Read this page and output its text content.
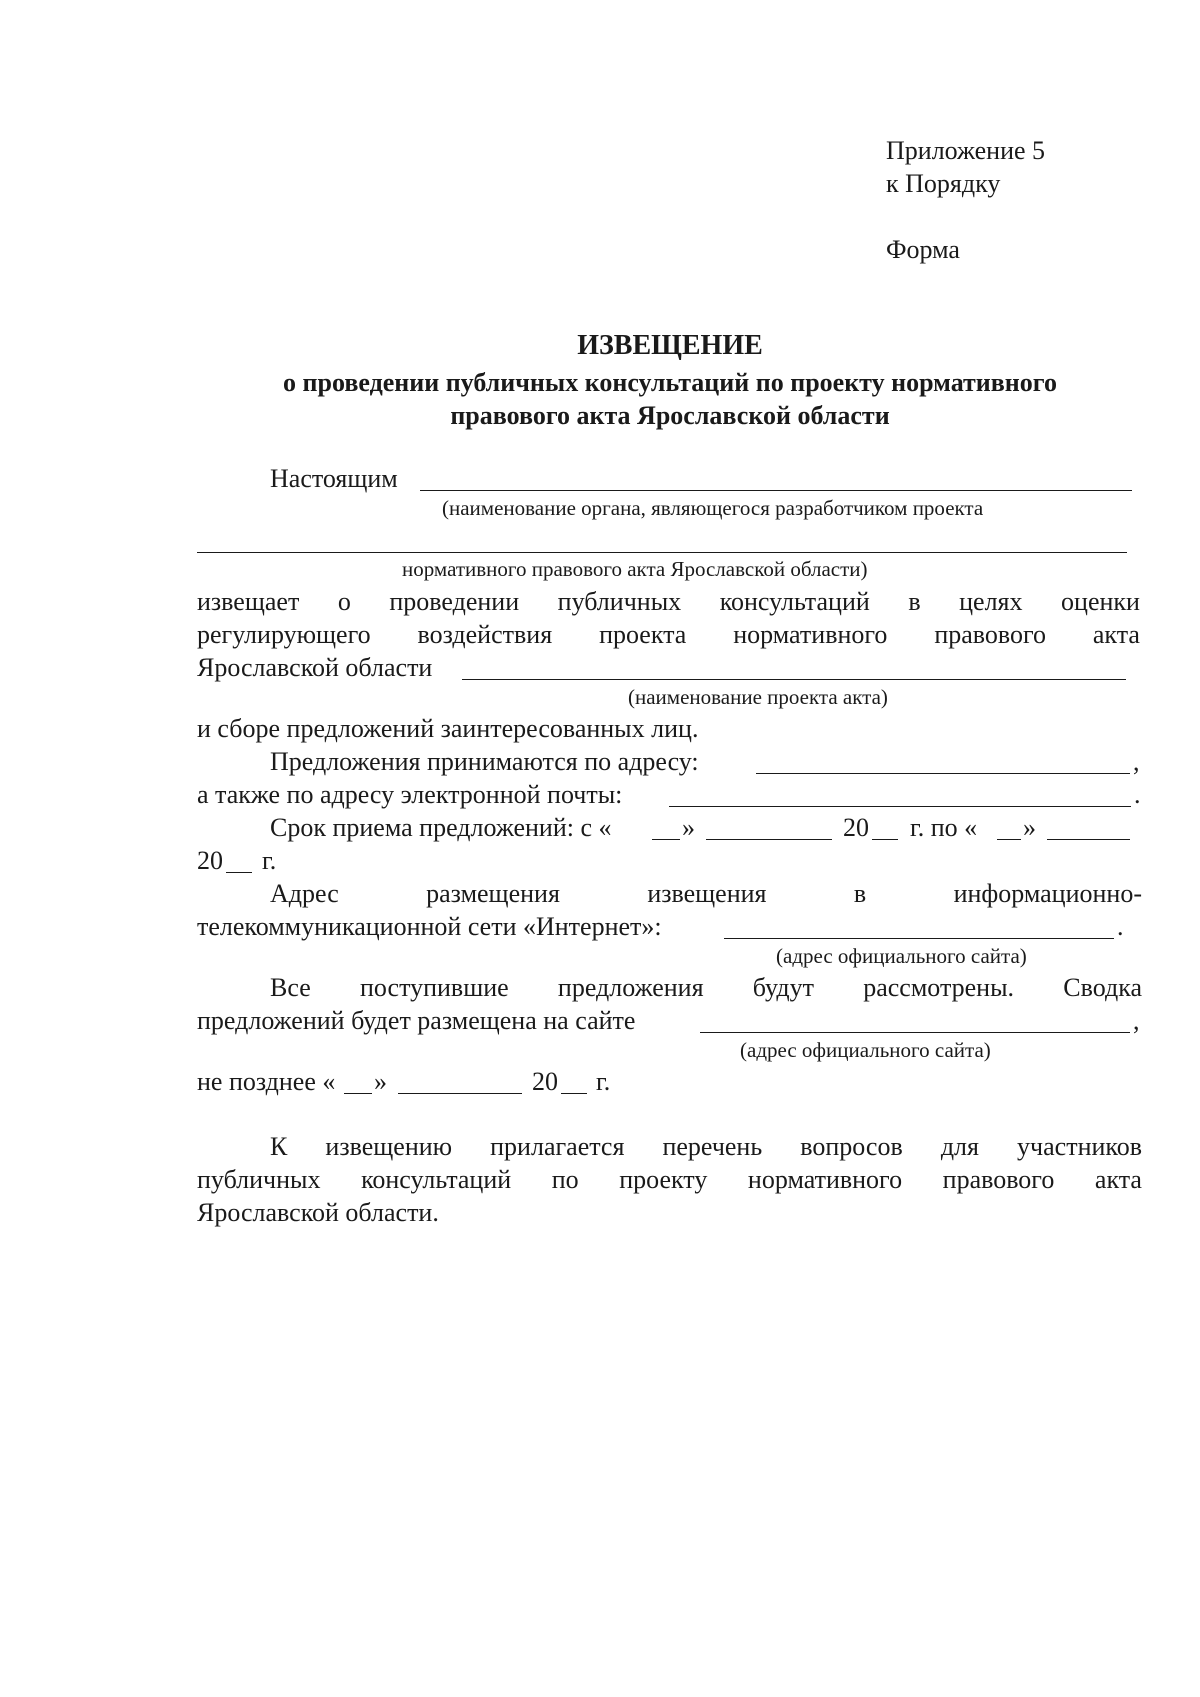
Приложение 5
к Порядку
Форма
ИЗВЕЩЕНИЕ
о проведении публичных консультаций по проекту нормативного
правового акта Ярославской области
Настоящим
(наименование органа, являющегося разработчиком проекта
нормативного правового акта Ярославской области)
извещает о проведении публичных консультаций в целях оценки
регулирующего воздействия проекта нормативного правового акта
Ярославской области
(наименование проекта акта)
и сборе предложений заинтересованных лиц.
Предложения принимаются по адресу:	,
а также по адресу электронной почты:	.
Срок приема предложений: с «	»	20 г. по « »
20 г.
Адрес	размещения	извещения	в	информационно-
телекоммуникационной сети «Интернет»:	.
(адрес официального сайта)
Все поступившие предложения будут рассмотрены. Сводка
предложений будет размещена на сайте	,
(адрес официального сайта)
не позднее « »	20 г.
К извещению прилагается перечень вопросов для участников
публичных консультаций по проекту нормативного правового акта
Ярославской области.
